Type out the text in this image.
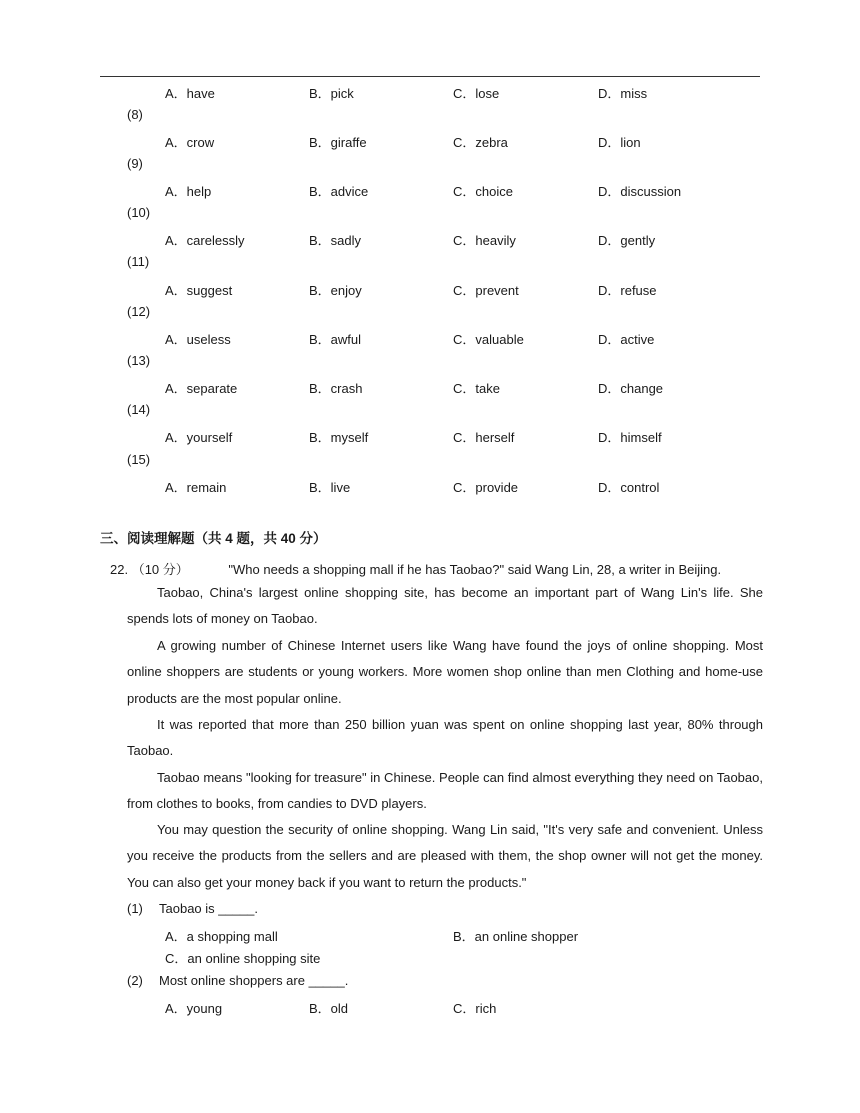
A．have	B．pick	C．lose	D．miss
(8)
A．crow	B．giraffe	C．zebra	D．lion
(9)
A．help	B．advice	C．choice	D．discussion
(10)
A．carelessly	B．sadly	C．heavily	D．gently
(11)
A．suggest	B．enjoy	C．prevent	D．refuse
(12)
A．useless	B．awful	C．valuable	D．active
(13)
A．separate	B．crash	C．take	D．change
(14)
A．yourself	B．myself	C．herself	D．himself
(15)
A．remain	B．live	C．provide	D．control
三、阅读理解题（共 4 题，共 40 分）
22. （10 分）	"Who needs a shopping mall if he has Taobao?" said Wang Lin, 28, a writer in Beijing.
Taobao, China's largest online shopping site, has become an important part of Wang Lin's life. She spends lots of money on Taobao.
A growing number of Chinese Internet users like Wang have found the joys of online shopping. Most online shoppers are students or young workers. More women shop online than men Clothing and home-use products are the most popular online.
It was reported that more than 250 billion yuan was spent on online shopping last year, 80% through Taobao.
Taobao means "looking for treasure" in Chinese. People can find almost everything they need on Taobao, from clothes to books, from candies to DVD players.
You may question the security of online shopping. Wang Lin said, "It's very safe and convenient. Unless you receive the products from the sellers and are pleased with them, the shop owner will not get the money. You can also get your money back if you want to return the products."
(1) Taobao is _____.
A．a shopping mall	B．an online shopper
C．an online shopping site
(2) Most online shoppers are _____.
A．young	B．old	C．rich
